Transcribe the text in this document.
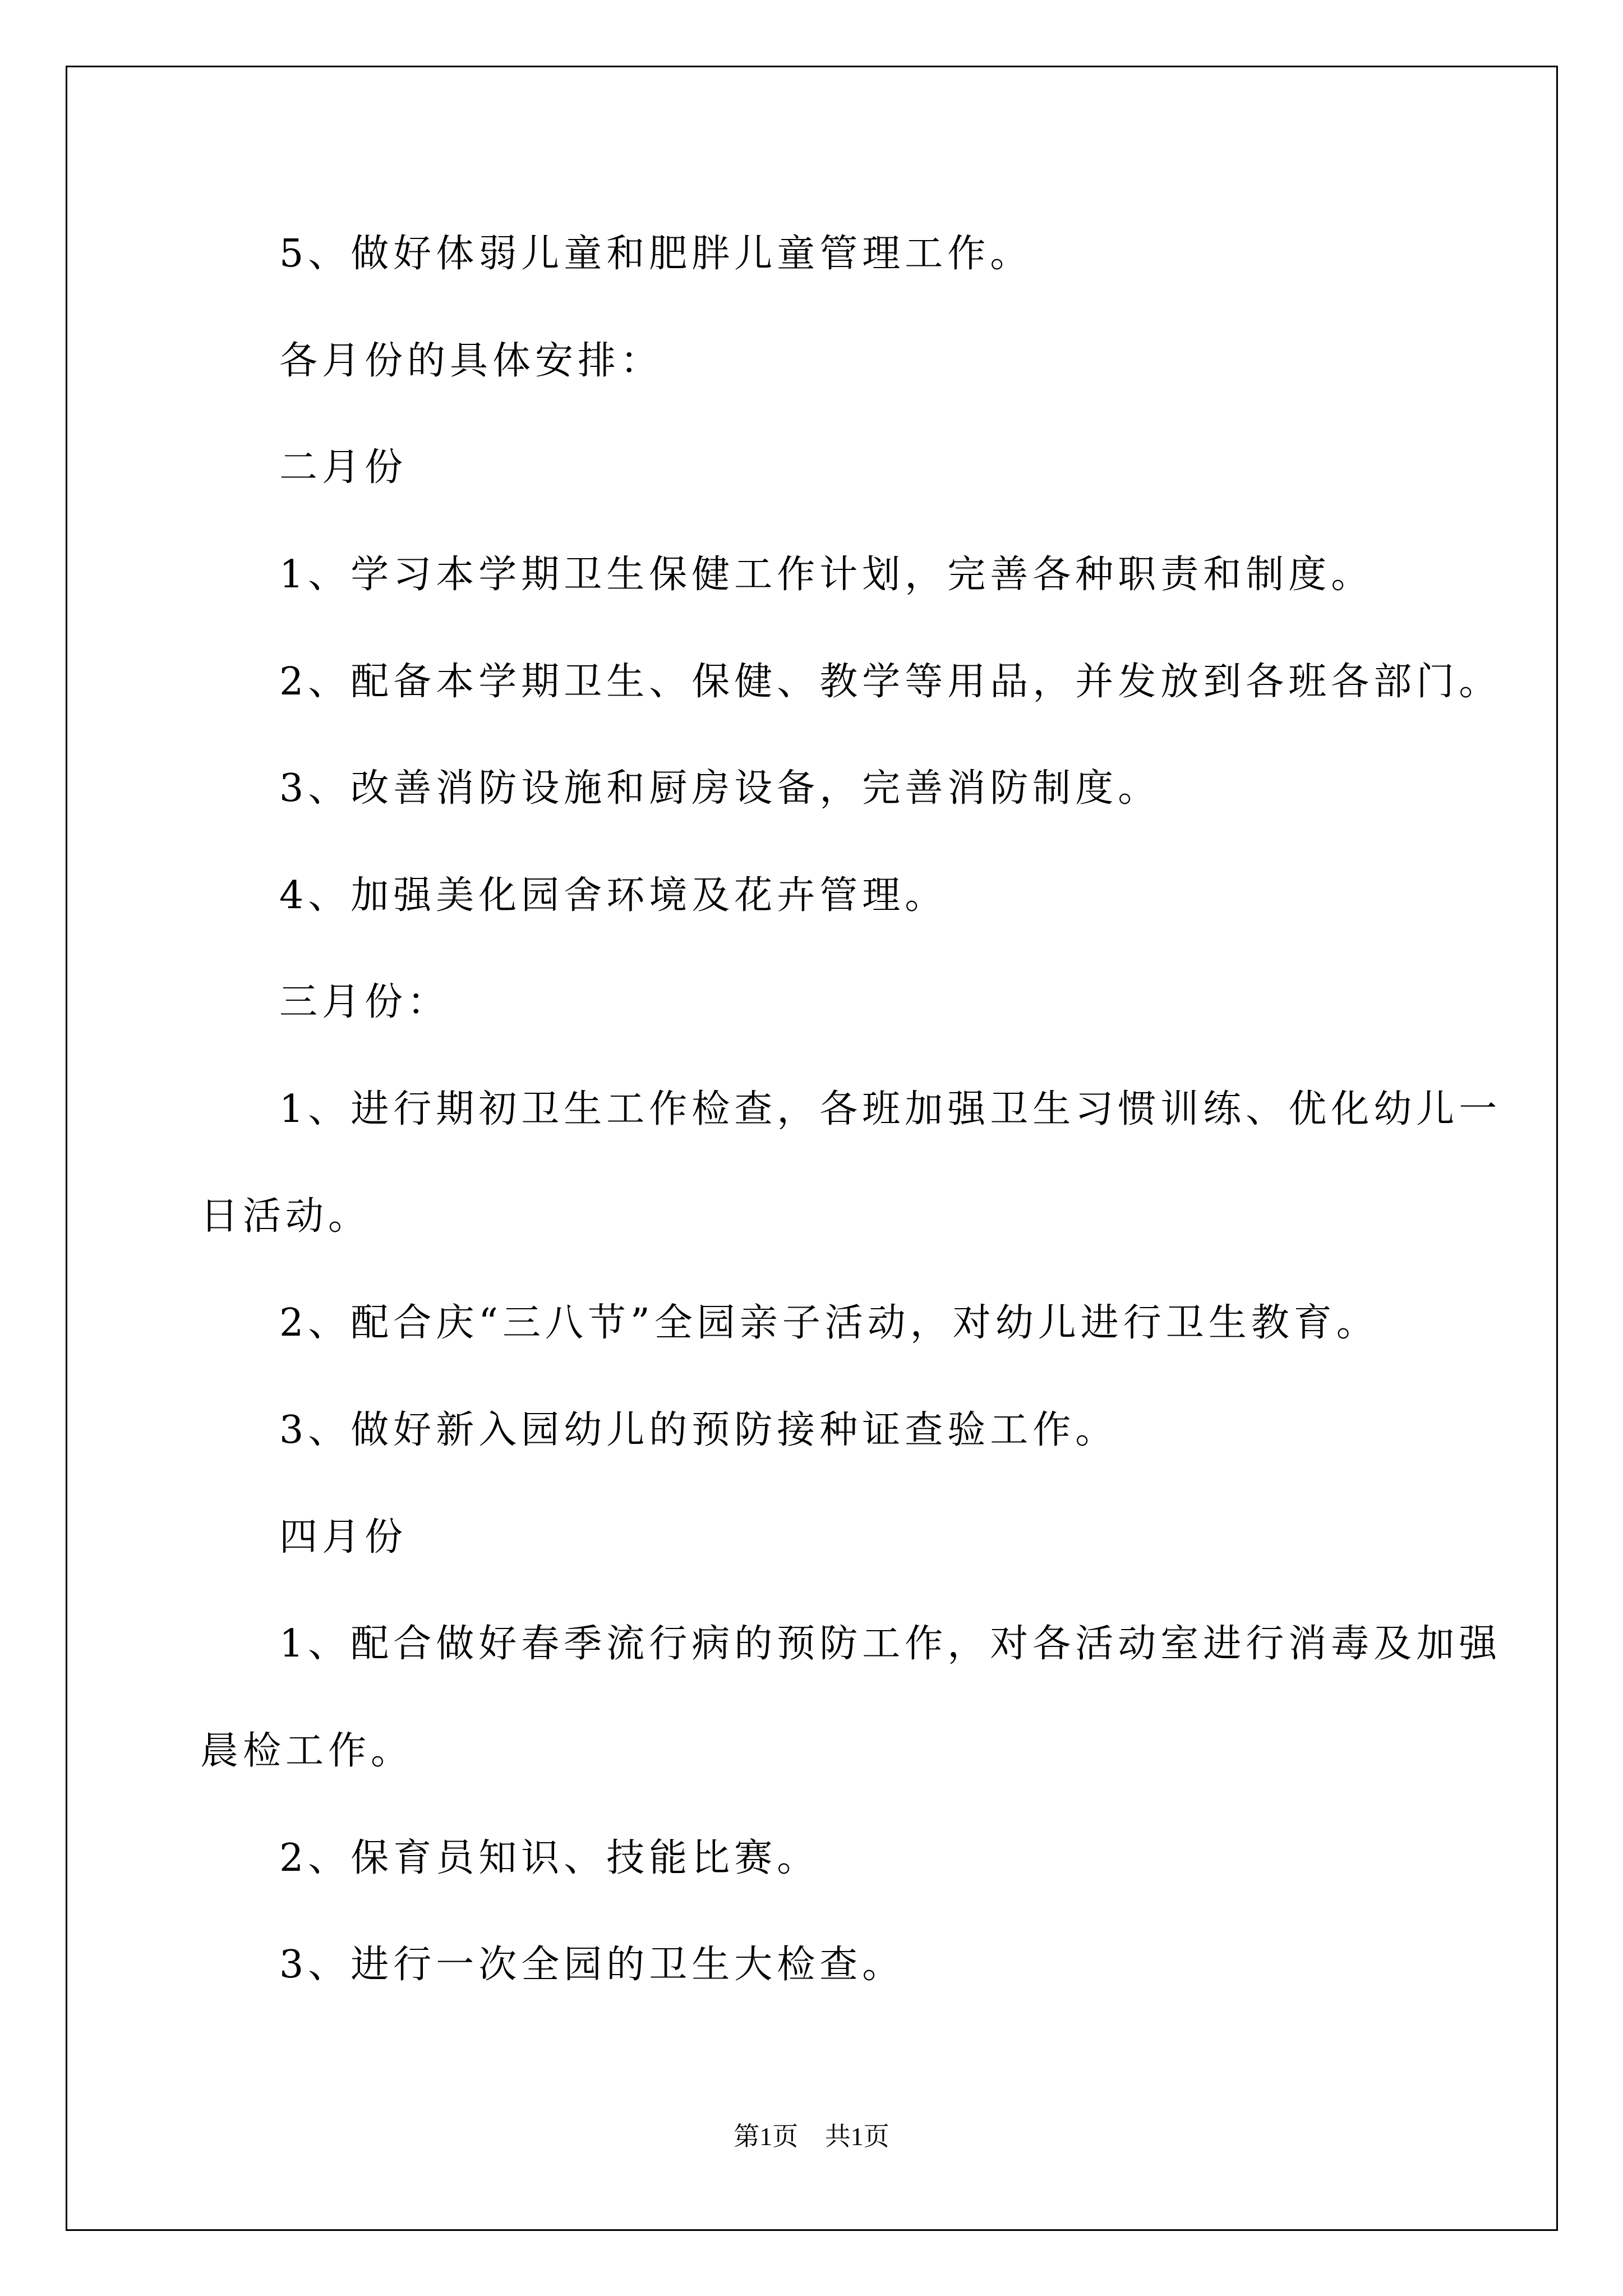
5、做好体弱儿童和肥胖儿童管理工作。
各月份的具体安排：
二月份
1、学习本学期卫生保健工作计划，完善各种职责和制度。
2、配备本学期卫生、保健、教学等用品，并发放到各班各部门。
3、改善消防设施和厨房设备，完善消防制度。
4、加强美化园舍环境及花卉管理。
三月份：
1、进行期初卫生工作检查，各班加强卫生习惯训练、优化幼儿一
日活动。
2、配合庆“三八节”全园亲子活动，对幼儿进行卫生教育。
3、做好新入园幼儿的预防接种证查验工作。
四月份
1、配合做好春季流行病的预防工作，对各活动室进行消毒及加强
晨检工作。
2、保育员知识、技能比赛。
3、进行一次全园的卫生大检查。
第1页 共1页
